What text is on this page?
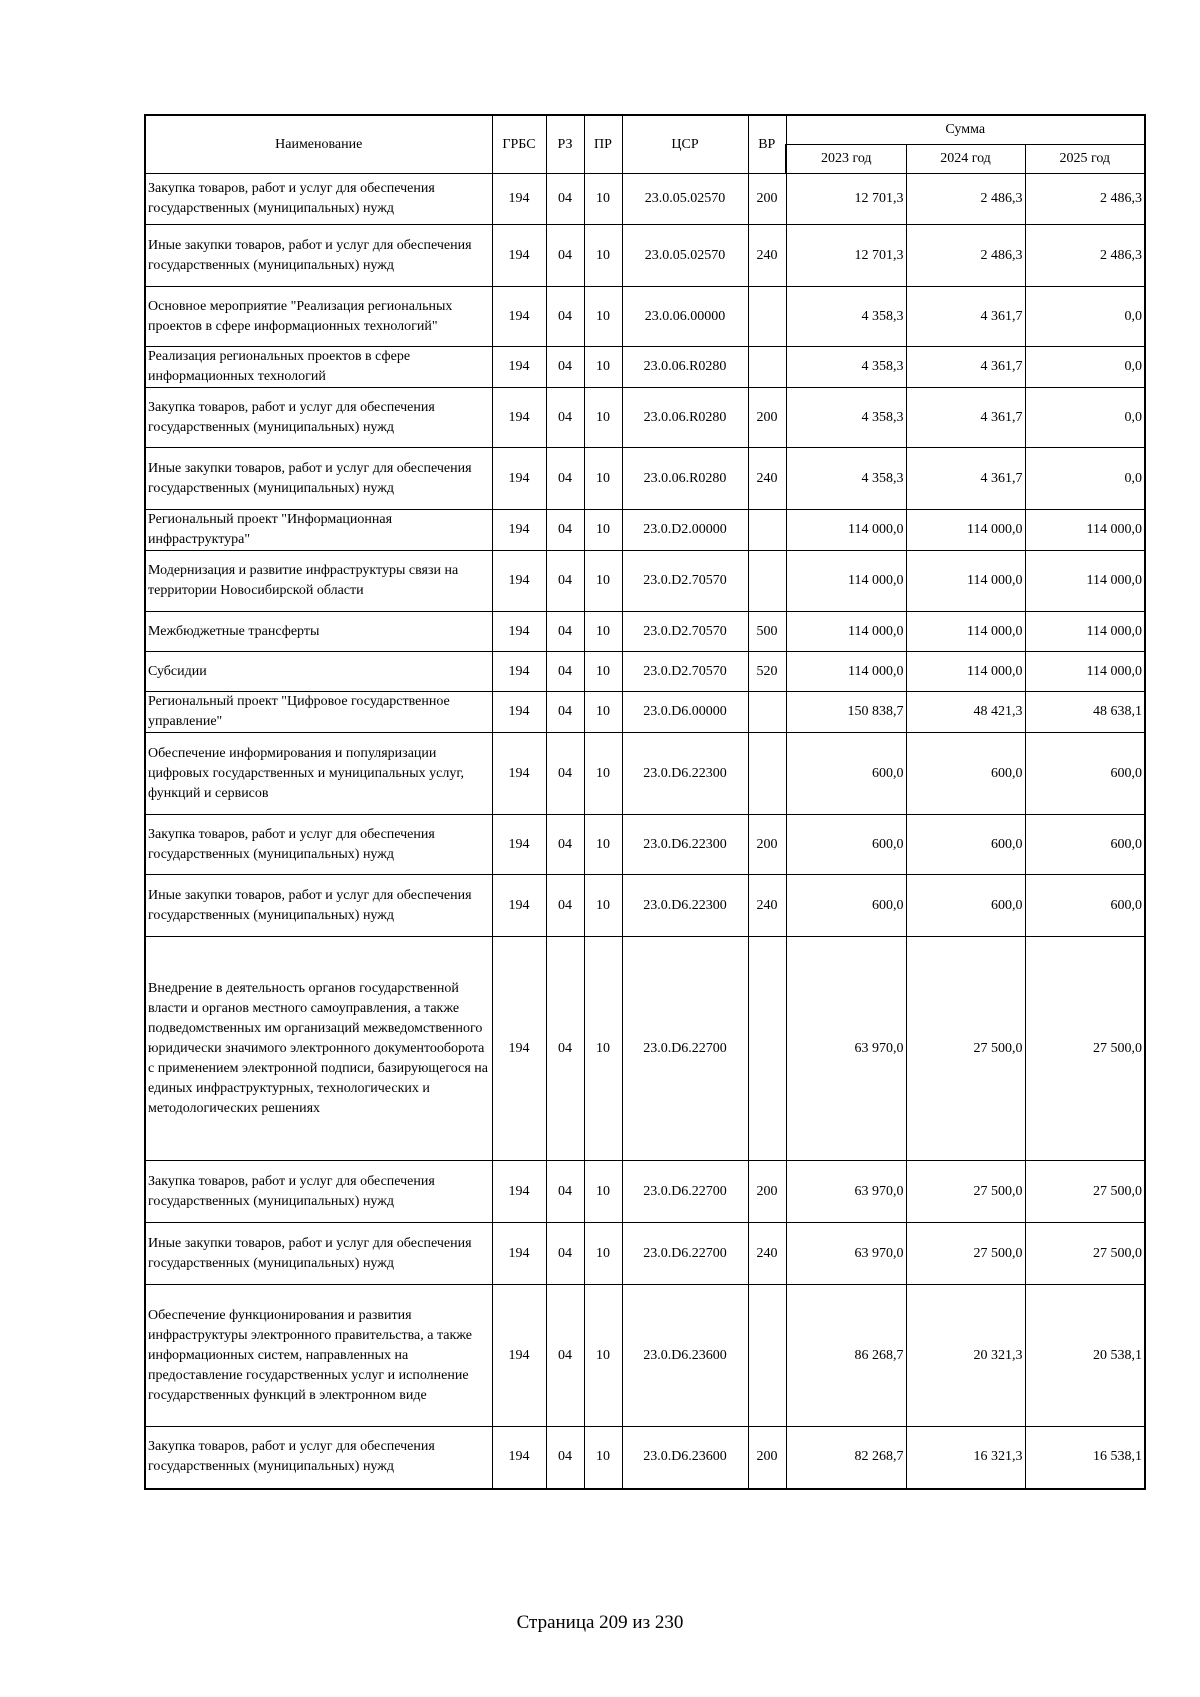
Наименование	ГРБС	РЗ	ПР	ЦСР	ВР	Сумма		
						2023 год	2024 год	2025 год
Закупка товаров, работ и услуг для обеспечения государственных (муниципальных) нужд	194	04	10	23.0.05.02570	200	12 701,3	2 486,3	2 486,3
Иные закупки товаров, работ и услуг для обеспечения государственных (муниципальных) нужд	194	04	10	23.0.05.02570	240	12 701,3	2 486,3	2 486,3
Основное мероприятие "Реализация региональных проектов в сфере информационных технологий"	194	04	10	23.0.06.00000		4 358,3	4 361,7	0,0
Реализация региональных проектов в сфере информационных технологий	194	04	10	23.0.06.R0280		4 358,3	4 361,7	0,0
Закупка товаров, работ и услуг для обеспечения государственных (муниципальных) нужд	194	04	10	23.0.06.R0280	200	4 358,3	4 361,7	0,0
Иные закупки товаров, работ и услуг для обеспечения государственных (муниципальных) нужд	194	04	10	23.0.06.R0280	240	4 358,3	4 361,7	0,0
Региональный проект "Информационная инфраструктура"	194	04	10	23.0.D2.00000		114 000,0	114 000,0	114 000,0
Модернизация и развитие инфраструктуры связи на территории Новосибирской области	194	04	10	23.0.D2.70570		114 000,0	114 000,0	114 000,0
Межбюджетные трансферты	194	04	10	23.0.D2.70570	500	114 000,0	114 000,0	114 000,0
Субсидии	194	04	10	23.0.D2.70570	520	114 000,0	114 000,0	114 000,0
Региональный проект "Цифровое государственное управление"	194	04	10	23.0.D6.00000		150 838,7	48 421,3	48 638,1
Обеспечение информирования и популяризации цифровых государственных и муниципальных услуг, функций и сервисов	194	04	10	23.0.D6.22300		600,0	600,0	600,0
Закупка товаров, работ и услуг для обеспечения государственных (муниципальных) нужд	194	04	10	23.0.D6.22300	200	600,0	600,0	600,0
Иные закупки товаров, работ и услуг для обеспечения государственных (муниципальных) нужд	194	04	10	23.0.D6.22300	240	600,0	600,0	600,0
Внедрение в деятельность органов государственной власти и органов местного самоуправления, а также подведомственных им организаций межведомственного юридически значимого электронного документооборота с применением электронной подписи, базирующегося на единых инфраструктурных, технологических и методологических решениях	194	04	10	23.0.D6.22700		63 970,0	27 500,0	27 500,0
Закупка товаров, работ и услуг для обеспечения государственных (муниципальных) нужд	194	04	10	23.0.D6.22700	200	63 970,0	27 500,0	27 500,0
Иные закупки товаров, работ и услуг для обеспечения государственных (муниципальных) нужд	194	04	10	23.0.D6.22700	240	63 970,0	27 500,0	27 500,0
Обеспечение функционирования и развития инфраструктуры электронного правительства, а также информационных систем, направленных на предоставление государственных услуг и исполнение государственных функций в электронном виде	194	04	10	23.0.D6.23600		86 268,7	20 321,3	20 538,1
Закупка товаров, работ и услуг для обеспечения государственных (муниципальных) нужд	194	04	10	23.0.D6.23600	200	82 268,7	16 321,3	16 538,1
Страница 209 из 230
